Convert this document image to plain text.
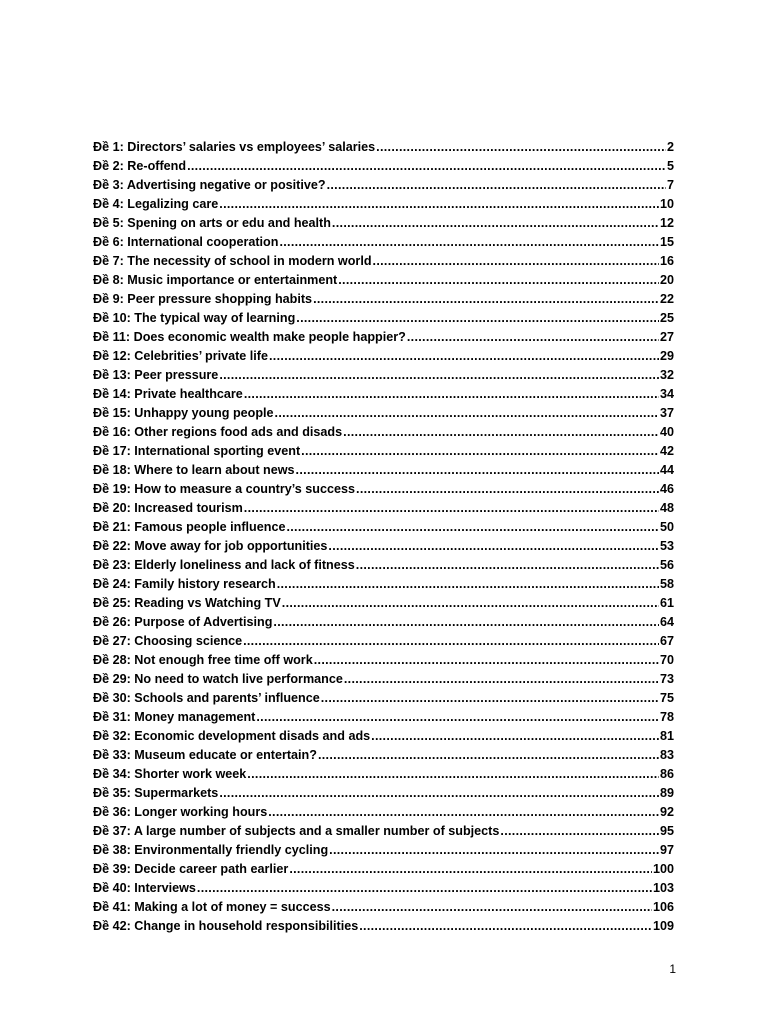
Đề 1: Directors’ salaries vs employees’ salaries .....	2
Đề 2: Re-offend .....	5
Đề 3: Advertising negative or positive? .....	7
Đề 4: Legalizing care .....	10
Đề 5: Spening on arts or edu and health .....	12
Đề 6: International cooperation .....	15
Đề 7: The necessity of school in modern world .....	16
Đề 8: Music importance or entertainment .....	20
Đề 9: Peer pressure shopping habits .....	22
Đề 10: The typical way of learning .....	25
Đề 11: Does economic wealth make people happier? .....	27
Đề 12: Celebrities’ private life .....	29
Đề 13: Peer pressure .....	32
Đề 14: Private healthcare .....	34
Đề 15: Unhappy young people .....	37
Đề 16: Other regions food ads and disads .....	40
Đề 17: International sporting event .....	42
Đề 18: Where to learn about news .....	44
Đề 19: How to measure a country’s success .....	46
Đề 20: Increased tourism .....	48
Đề 21: Famous people influence .....	50
Đề 22: Move away for job opportunities .....	53
Đề 23: Elderly loneliness and lack of fitness .....	56
Đề 24: Family history research .....	58
Đề 25: Reading vs Watching TV .....	61
Đề 26: Purpose of Advertising .....	64
Đề 27: Choosing science .....	67
Đề 28: Not enough free time off work .....	70
Đề 29: No need to watch live performance .....	73
Đề 30: Schools and parents’ influence .....	75
Đề 31: Money management .....	78
Đề 32: Economic development disads and ads .....	81
Đề 33: Museum educate or entertain? .....	83
Đề 34: Shorter work week .....	86
Đề 35: Supermarkets .....	89
Đề 36: Longer working hours .....	92
Đề 37: A large number of subjects and a smaller number of subjects .....	95
Đề 38: Environmentally friendly cycling .....	97
Đề 39: Decide career path earlier .....	100
Đề 40: Interviews .....	103
Đề 41: Making a lot of money = success .....	106
Đề 42: Change in household responsibilities .....	109
1
